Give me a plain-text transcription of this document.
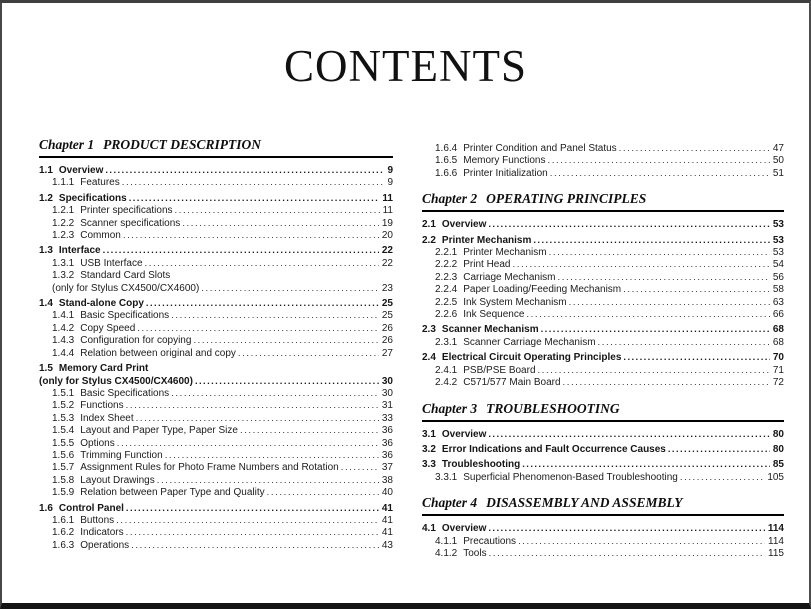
CONTENTS
Chapter 1 PRODUCT DESCRIPTION
1.1 Overview .....	9
1.1.1 Features .....	9
1.2 Specifications .....	11
1.2.1 Printer specifications .....	11
1.2.2 Scanner specifications .....	19
1.2.3 Common .....	20
1.3 Interface .....	22
1.3.1 USB Interface .....	22
1.3.2 Standard Card Slots
(only for Stylus CX4500/CX4600) .....	23
1.4 Stand-alone Copy .....	25
1.4.1 Basic Specifications .....	25
1.4.2 Copy Speed .....	26
1.4.3 Configuration for copying .....	26
1.4.4 Relation between original and copy .....	27
1.5 Memory Card Print
(only for Stylus CX4500/CX4600) .....	30
1.5.1 Basic Specifications .....	30
1.5.2 Functions .....	31
1.5.3 Index Sheet .....	33
1.5.4 Layout and Paper Type, Paper Size .....	36
1.5.5 Options .....	36
1.5.6 Trimming Function .....	36
1.5.7 Assignment Rules for Photo Frame Numbers and Rotation .....	37
1.5.8 Layout Drawings .....	38
1.5.9 Relation between Paper Type and Quality .....	40
1.6 Control Panel .....	41
1.6.1 Buttons .....	41
1.6.2 Indicators .....	41
1.6.3 Operations .....	43
1.6.4 Printer Condition and Panel Status .....	47
1.6.5 Memory Functions .....	50
1.6.6 Printer Initialization .....	51
Chapter 2 OPERATING PRINCIPLES
2.1 Overview .....	53
2.2 Printer Mechanism .....	53
2.2.1 Printer Mechanism .....	53
2.2.2 Print Head .....	54
2.2.3 Carriage Mechanism .....	56
2.2.4 Paper Loading/Feeding Mechanism .....	58
2.2.5 Ink System Mechanism .....	63
2.2.6 Ink Sequence .....	66
2.3 Scanner Mechanism .....	68
2.3.1 Scanner Carriage Mechanism .....	68
2.4 Electrical Circuit Operating Principles .....	70
2.4.1 PSB/PSE Board .....	71
2.4.2 C571/577 Main Board .....	72
Chapter 3 TROUBLESHOOTING
3.1 Overview .....	80
3.2 Error Indications and Fault Occurrence Causes .....	80
3.3 Troubleshooting .....	85
3.3.1 Superficial Phenomenon-Based Troubleshooting .....	105
Chapter 4 DISASSEMBLY AND ASSEMBLY
4.1 Overview .....	114
4.1.1 Precautions .....	114
4.1.2 Tools .....	115
